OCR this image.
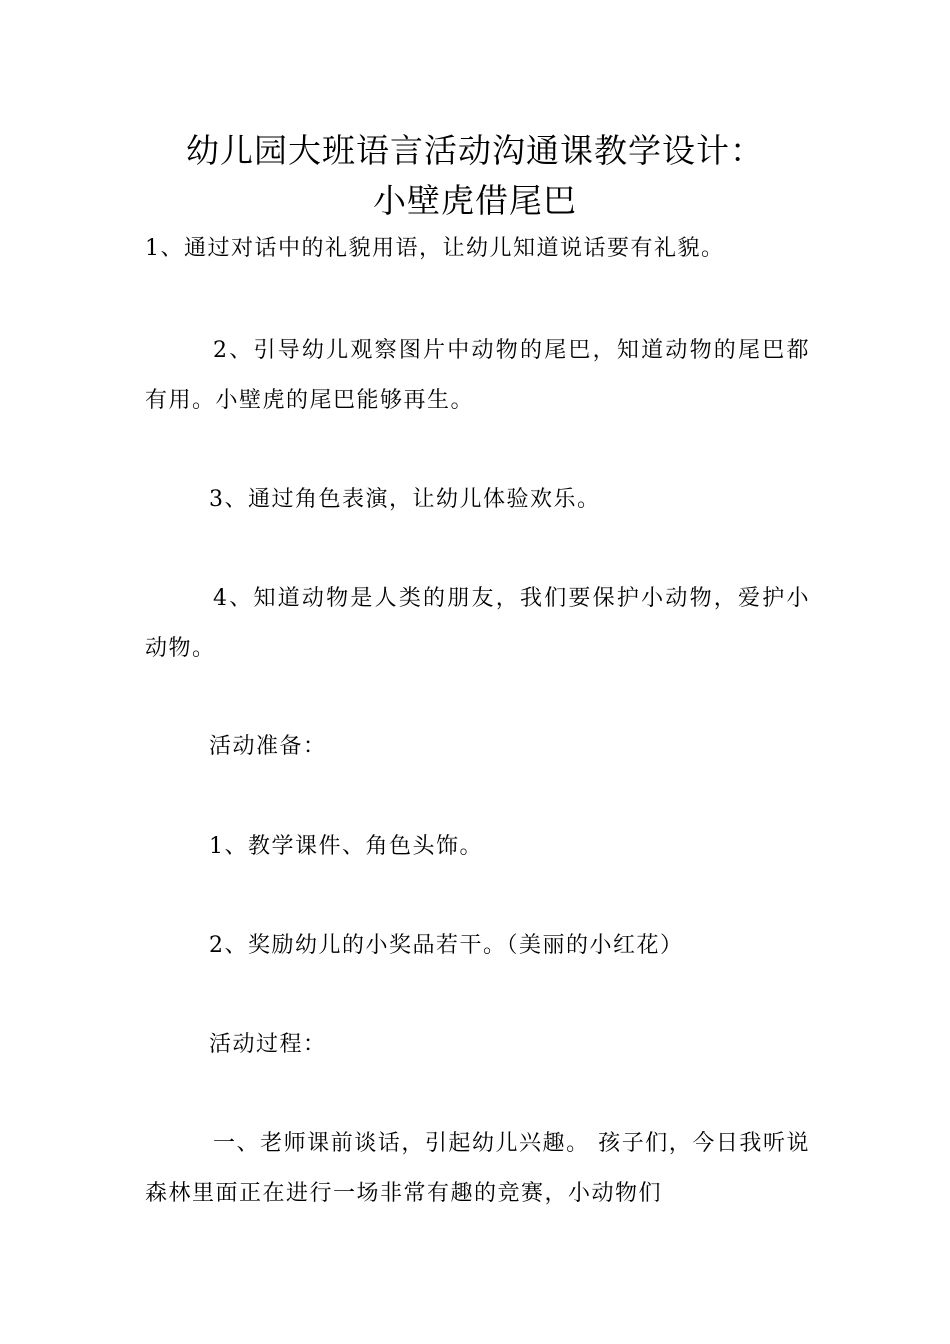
幼儿园大班语言活动沟通课教学设计：
小壁虎借尾巴
1、通过对话中的礼貌用语，让幼儿知道说话要有礼貌。
2、引导幼儿观察图片中动物的尾巴，知道动物的尾巴都有用。小壁虎的尾巴能够再生。
3、通过角色表演，让幼儿体验欢乐。
4、知道动物是人类的朋友，我们要保护小动物，爱护小动物。
活动准备：
1、教学课件、角色头饰。
2、奖励幼儿的小奖品若干。（美丽的小红花）
活动过程：
一、老师课前谈话，引起幼儿兴趣。 孩子们，今日我听说森林里面正在进行一场非常有趣的竞赛，小动物们
